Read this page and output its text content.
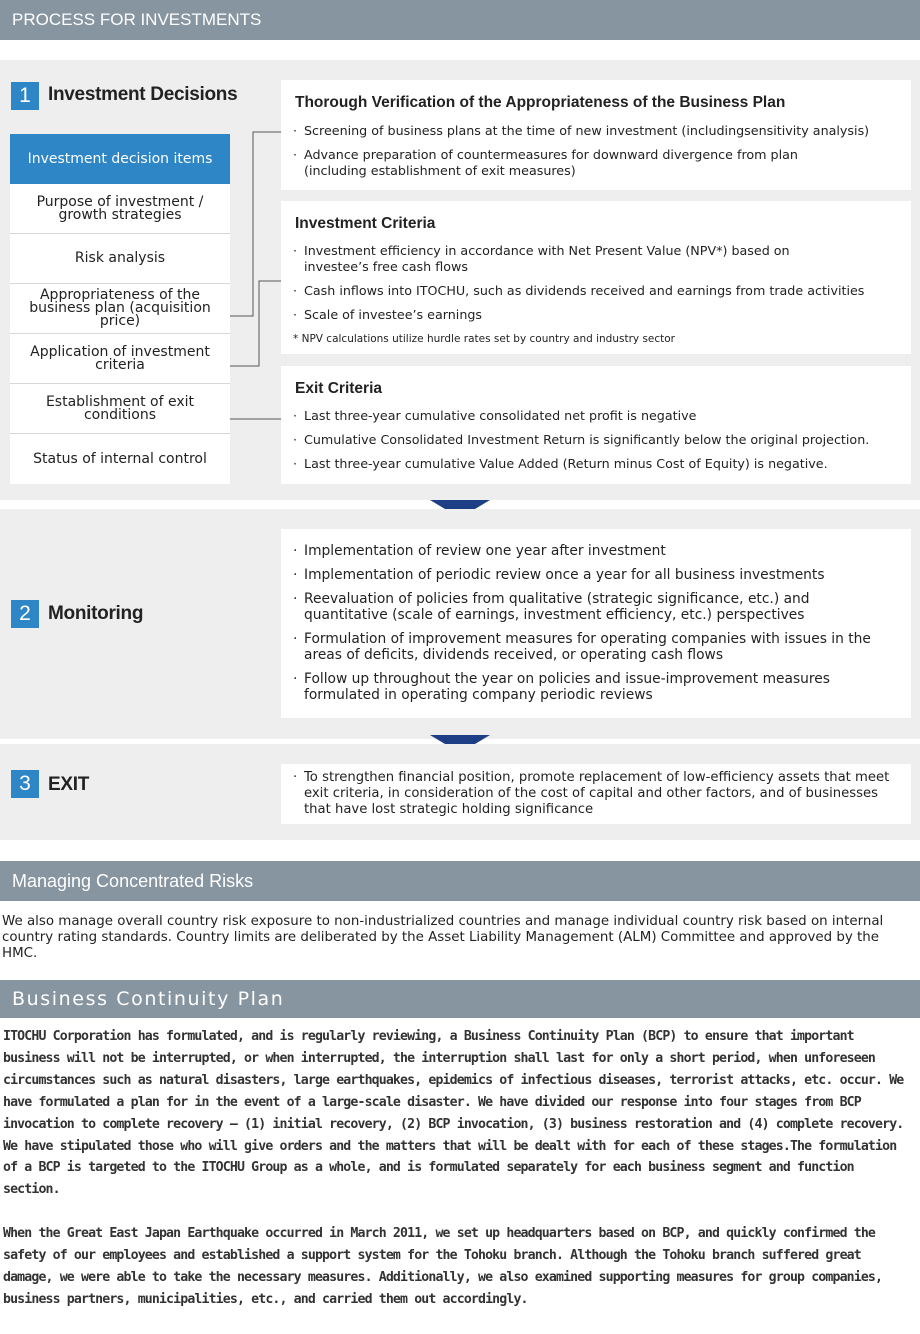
PROCESS FOR INVESTMENTS
1 Investment Decisions
Investment decision items
Purpose of investment / growth strategies
Risk analysis
Appropriateness of the business plan (acquisition price)
Application of investment criteria
Establishment of exit conditions
Status of internal control
Thorough Verification of the Appropriateness of the Business Plan
· Screening of business plans at the time of new investment (includingsensitivity analysis)
· Advance preparation of countermeasures for downward divergence from plan (including establishment of exit measures)
Investment Criteria
· Investment efficiency in accordance with Net Present Value (NPV*) based on investee’s free cash flows
· Cash inflows into ITOCHU, such as dividends received and earnings from trade activities
· Scale of investee’s earnings
* NPV calculations utilize hurdle rates set by country and industry sector
Exit Criteria
· Last three-year cumulative consolidated net profit is negative
· Cumulative Consolidated Investment Return is significantly below the original projection.
· Last three-year cumulative Value Added (Return minus Cost of Equity) is negative.
2 Monitoring
· Implementation of review one year after investment
· Implementation of periodic review once a year for all business investments
· Reevaluation of policies from qualitative (strategic significance, etc.) and quantitative (scale of earnings, investment efficiency, etc.) perspectives
· Formulation of improvement measures for operating companies with issues in the areas of deficits, dividends received, or operating cash flows
· Follow up throughout the year on policies and issue-improvement measures formulated in operating company periodic reviews
3 EXIT
·	To strengthen financial position, promote replacement of low-efficiency assets that meet exit criteria, in consideration of the cost of capital and other factors, and of businesses that have lost strategic holding significance
Managing Concentrated Risks
We also manage overall country risk exposure to non-industrialized countries and manage individual country risk based on internal country rating standards. Country limits are deliberated by the Asset Liability Management (ALM) Committee and approved by the HMC.
Business Continuity Plan

ITOCHU Corporation has formulated, and is regularly reviewing, a Business Continuity Plan (BCP) to ensure that important business will not be interrupted, or when interrupted, the interruption shall last for only a short period, when unforeseen circumstances such as natural disasters, large earthquakes, epidemics of infectious diseases, terrorist attacks, etc. occur. We have formulated a plan for in the event of a large-scale disaster. We have divided our response into four stages from BCP invocation to complete recovery – (1) initial recovery, (2) BCP invocation, (3) business restoration and (4) complete recovery. We have stipulated those who will give orders and the matters that will be dealt with for each of these stages.The formulation of a BCP is targeted to the ITOCHU Group as a whole, and is formulated separately for each business segment and function section.

When the Great East Japan Earthquake occurred in March 2011, we set up headquarters based on BCP, and quickly confirmed the safety of our employees and established a support system for the Tohoku branch. Although the Tohoku branch suffered great damage, we were able to take the necessary measures. Additionally, we also examined supporting measures for group companies, business partners, municipalities, etc., and carried them out accordingly.
